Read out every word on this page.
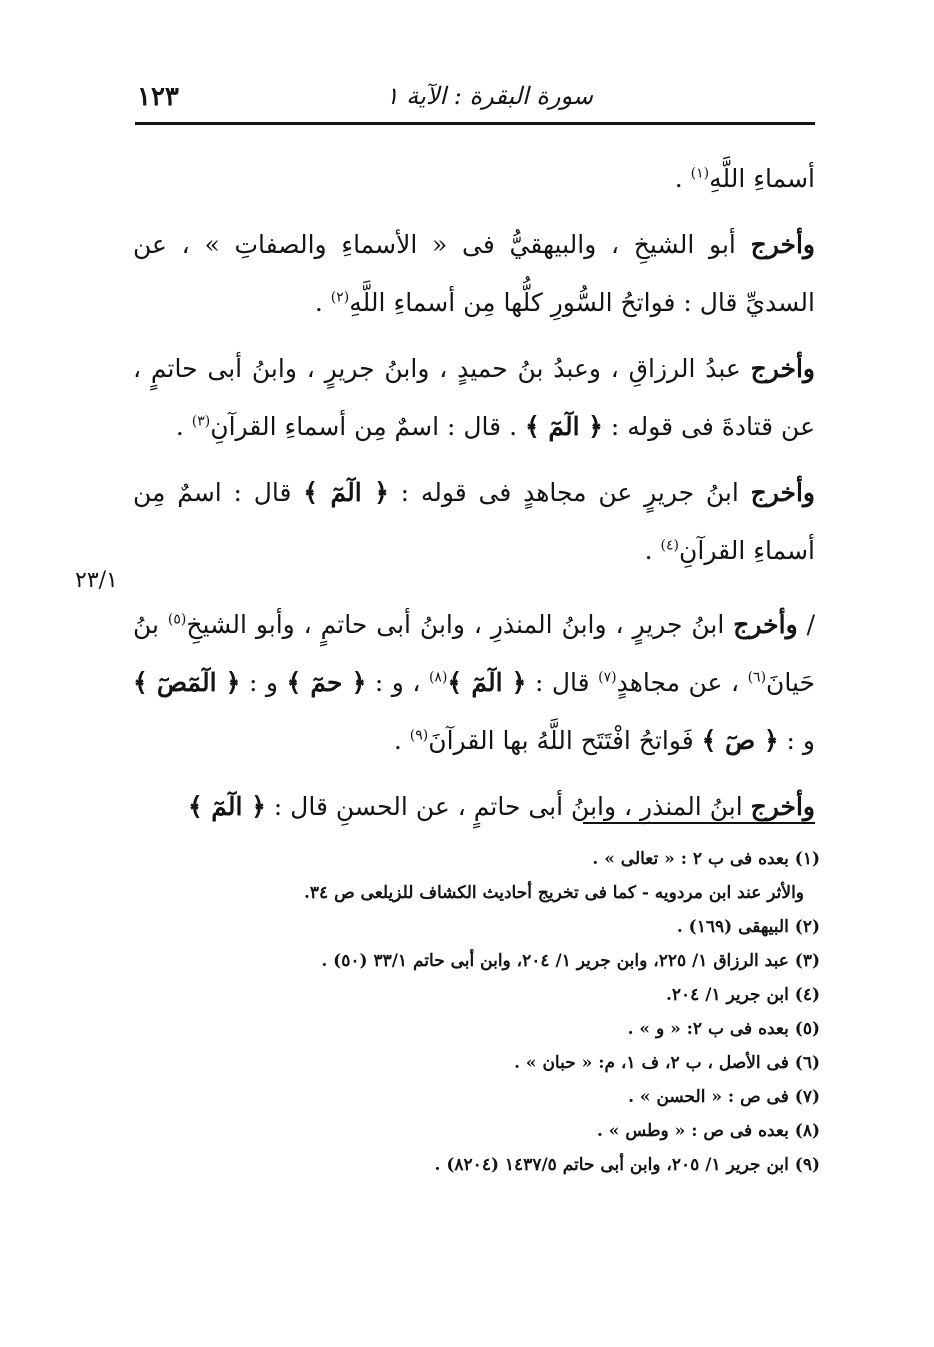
١٢٣	سورة البقرة : الآية ١
٢٣/١

أسماءِ اللَّهِ$^{(١)}$ .

وأخرج أبو الشيخِ ، والبيهقيُّ فى « الأسماءِ والصفاتِ » ، عن السديِّ قال : فواتحُ السُّورِ كلُّها مِن أسماءِ اللَّهِ$^{(٢)}$ .

وأخرج عبدُ الرزاقِ ، وعبدُ بنُ حميدٍ ، وابنُ جريرٍ ، وابنُ أبى حاتمٍ ، عن قتادةَ فى قوله : ﴿ الٓمٓ ﴾ . قال : اسمٌ مِن أسماءِ القرآنِ$^{(٣)}$ .

وأخرج ابنُ جريرٍ عن مجاهدٍ فى قوله : ﴿ الٓمٓ ﴾ قال : اسمٌ مِن أسماءِ القرآنِ$^{(٤)}$ .

/ وأخرج ابنُ جريرٍ ، وابنُ المنذرِ ، وابنُ أبى حاتمٍ ، وأبو الشيخِ$^{(٥)}$ بنُ حَيانَ$^{(٦)}$ ، عن مجاهدٍ$^{(٧)}$ قال : ﴿ الٓمٓ ﴾$^{(٨)}$ ، و : ﴿ حمٓ ﴾ و : ﴿ الٓمٓصٓ ﴾ و : ﴿ صٓ ﴾ فَواتحُ افْتَتَح اللَّهُ بها القرآنَ$^{(٩)}$ .

وأخرج ابنُ المنذرِ ، وابنُ أبى حاتمٍ ، عن الحسنِ قال : ﴿ الٓمٓ ﴾

(١) بعده فى ب ٢ : « تعالى » .

والأثر عند ابن مردويه - كما فى تخريج أحاديث الكشاف للزيلعى ص ٣٤.

(٢) البيهقى (١٦٩) .

(٣) عبد الرزاق ١/ ٢٢٥، وابن جرير ١/ ٢٠٤، وابن أبى حاتم ٣٣/١ (٥٠) .

(٤) ابن جرير ١/ ٢٠٤.

(٥) بعده فى ب ٢: « و » .

(٦) فى الأصل ، ب ٢، ف ١، م: « حبان » .

(٧) فى ص : « الحسن » .

(٨) بعده فى ص : « وطس » .

(٩) ابن جرير ١/ ٢٠٥، وابن أبى حاتم ١٤٣٧/٥ (٨٢٠٤) .
